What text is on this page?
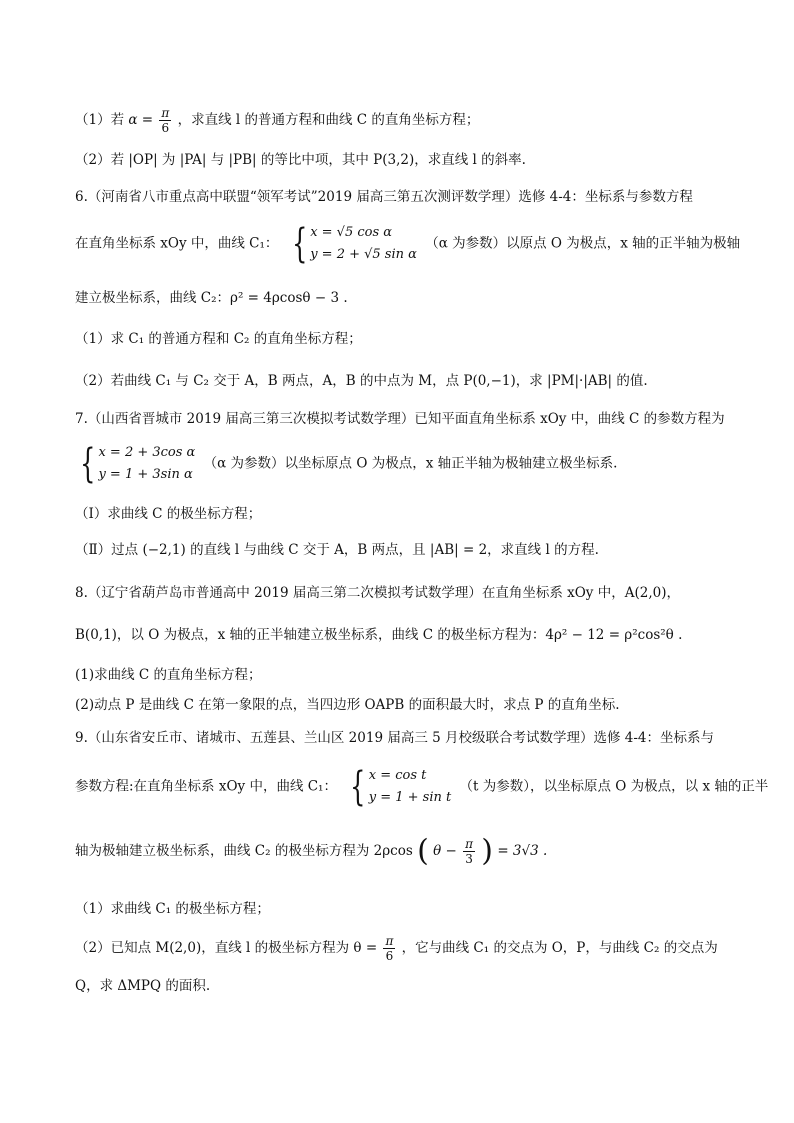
（1）若 $\alpha = \frac{\pi}{6}$ ，求直线 l 的普通方程和曲线 C 的直角坐标方程；
（2）若 |OP| 为 |PA| 与 |PB| 的等比中项，其中 P(3,2)，求直线 l 的斜率.
6.（河南省八市重点高中联盟“领军考试”2019 届高三第五次测评数学理）选修 4-4：坐标系与参数方程
在直角坐标系 xOy 中，曲线 C₁： { x = √5 cos α
y = 2 + √5 sin α
（α 为参数）以原点 O 为极点，x 轴的正半轴为极轴
建立极坐标系，曲线 C₂：ρ² = 4ρcosθ − 3 .
（1）求 C₁ 的普通方程和 C₂ 的直角坐标方程；
（2）若曲线 C₁ 与 C₂ 交于 A，B 两点，A，B 的中点为 M，点 P(0,−1)，求 |PM|·|AB| 的值.
7.（山西省晋城市 2019 届高三第三次模拟考试数学理）已知平面直角坐标系 xOy 中，曲线 C 的参数方程为
{ x = 2 + 3cos α
y = 1 + 3sin α
（α 为参数）以坐标原点 O 为极点，x 轴正半轴为极轴建立极坐标系.
（Ⅰ）求曲线 C 的极坐标方程；
（Ⅱ）过点 (−2,1) 的直线 l 与曲线 C 交于 A，B 两点，且 |AB| = 2，求直线 l 的方程.
8.（辽宁省葫芦岛市普通高中 2019 届高三第二次模拟考试数学理）在直角坐标系 xOy 中，A(2,0)，
B(0,1)，以 O 为极点，x 轴的正半轴建立极坐标系，曲线 C 的极坐标方程为：4ρ² − 12 = ρ²cos²θ .
(1)求曲线 C 的直角坐标方程；
(2)动点 P 是曲线 C 在第一象限的点，当四边形 OAPB 的面积最大时，求点 P 的直角坐标.
9.（山东省安丘市、诸城市、五莲县、兰山区 2019 届高三 5 月校级联合考试数学理）选修 4-4：坐标系与
参数方程:在直角坐标系 xOy 中，曲线 C₁： { x = cos t
y = 1 + sin t
（t 为参数），以坐标原点 O 为极点，以 x 轴的正半
轴为极轴建立极坐标系，曲线 C₂ 的极坐标方程为 2ρcos ( $\theta - \frac{\pi}{3}$ ) = 3√3 .
（1）求曲线 C₁ 的极坐标方程；
（2）已知点 M(2,0)，直线 l 的极坐标方程为 $\theta = \frac{\pi}{6}$ ，它与曲线 C₁ 的交点为 O，P，与曲线 C₂ 的交点为
Q，求 ΔMPQ 的面积.
